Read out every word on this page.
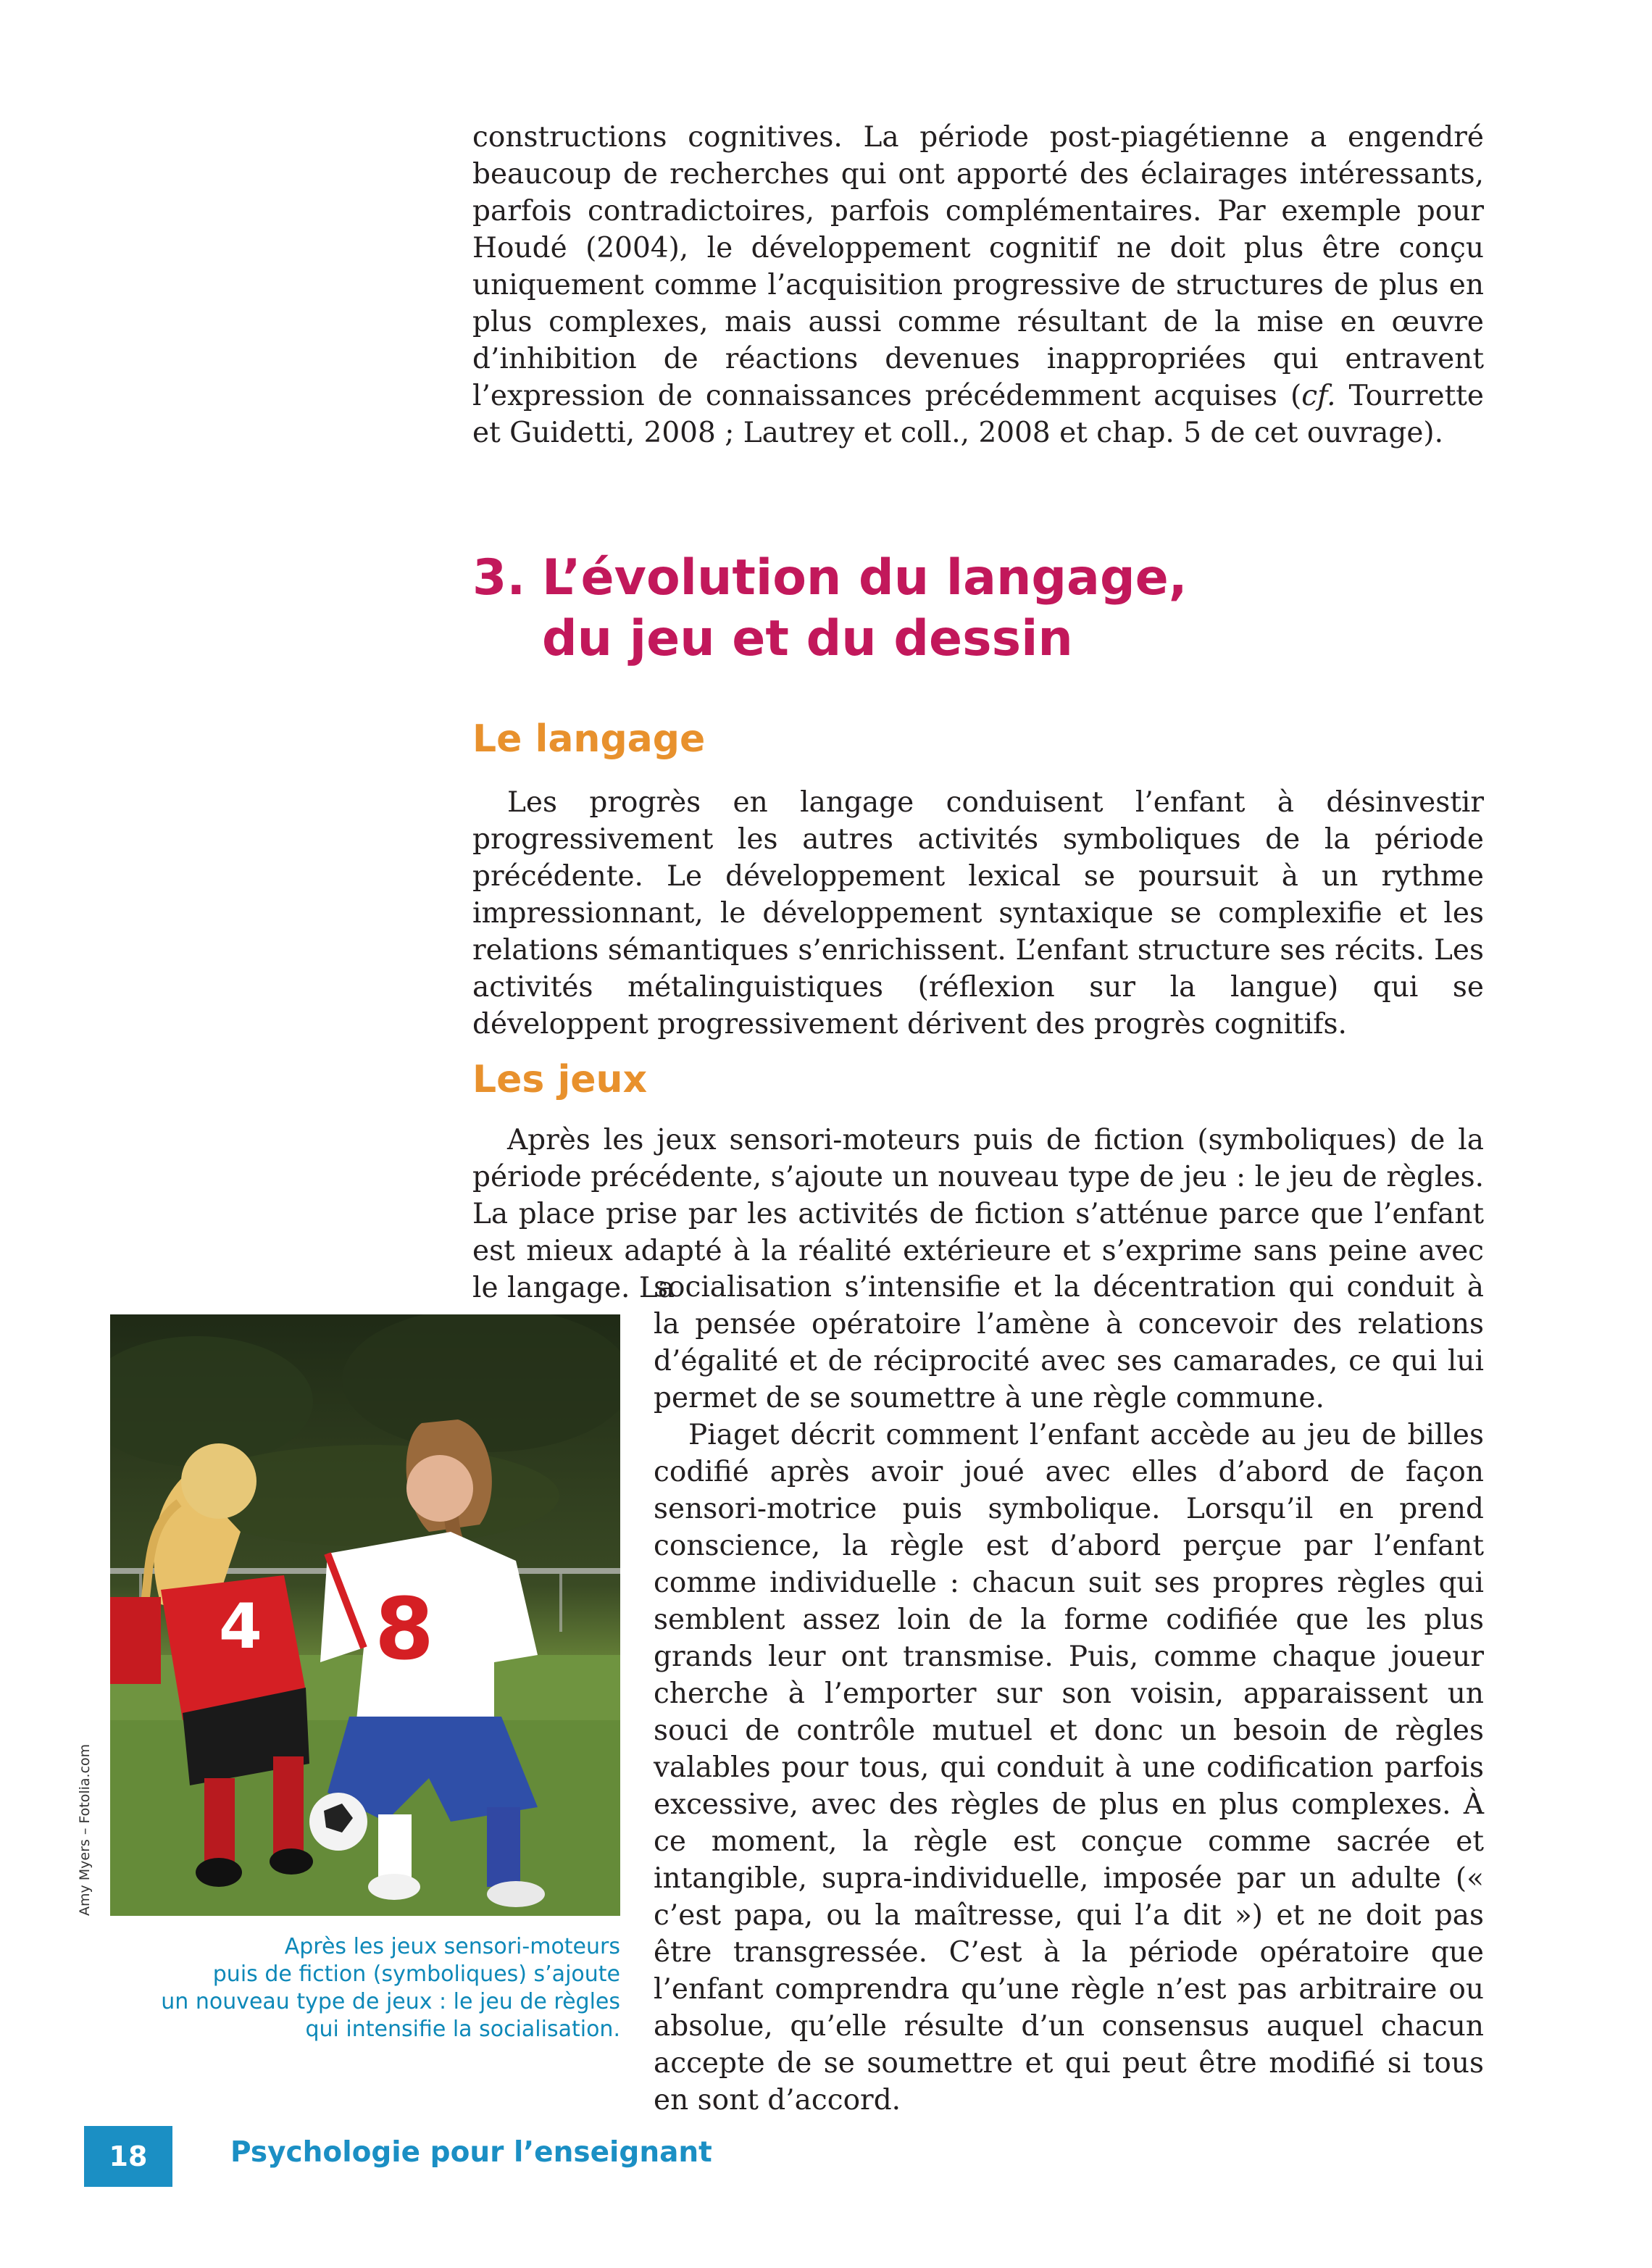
constructions cognitives. La période post-piagétienne a engendré beaucoup de recherches qui ont apporté des éclairages intéressants, parfois contradictoires, parfois complémentaires. Par exemple pour Houdé (2004), le développement cognitif ne doit plus être conçu uniquement comme l’acquisition progressive de structures de plus en plus complexes, mais aussi comme résultant de la mise en œuvre d’inhibition de réactions devenues inappropriées qui entravent l’expression de connaissances précédemment acquises (cf. Tourrette et Guidetti, 2008 ; Lautrey et coll., 2008 et chap. 5 de cet ouvrage).

3. L’évolution du langage,
du jeu et du dessin
Le langage

Les progrès en langage conduisent l’enfant à désinvestir progressivement les autres activités symboliques de la période précédente. Le développement lexical se poursuit à un rythme impressionnant, le développement syntaxique se complexifie et les relations sémantiques s’enrichissent. L’enfant structure ses récits. Les activités métalinguistiques (réflexion sur la langue) qui se développent progressivement dérivent des progrès cognitifs.

Les jeux

Après les jeux sensori-moteurs puis de fiction (symboliques) de la période précédente, s’ajoute un nouveau type de jeu : le jeu de règles. La place prise par les activités de fiction s’atténue parce que l’enfant est mieux adapté à la réalité extérieure et s’exprime sans peine avec le langage. La

socialisation s’intensifie et la décentration qui conduit à la pensée opératoire l’amène à concevoir des relations d’égalité et de réciprocité avec ses camarades, ce qui lui permet de se soumettre à une règle commune.

Piaget décrit comment l’enfant accède au jeu de billes codifié après avoir joué avec elles d’abord de façon sensori-motrice puis symbolique. Lorsqu’il en prend conscience, la règle est d’abord perçue par l’enfant comme individuelle : chacun suit ses propres règles qui semblent assez loin de la forme codifiée que les plus grands leur ont transmise. Puis, comme chaque joueur cherche à l’emporter sur son voisin, apparaissent un souci de contrôle mutuel et donc un besoin de règles valables pour tous, qui conduit à une codification parfois excessive, avec des règles de plus en plus complexes. À ce moment, la règle est conçue comme sacrée et intangible, supra-individuelle, imposée par un adulte (« c’est papa, ou la maîtresse, qui l’a dit ») et ne doit pas être transgressée. C’est à la période opératoire que l’enfant comprendra qu’une règle n’est pas arbitraire ou absolue, qu’elle résulte d’un consensus auquel chacun accepte de se soumettre et qui peut être modifié si tous en sont d’accord.

4 8
Amy Myers – Fotolia.com
Après les jeux sensori-moteurs
puis de fiction (symboliques) s’ajoute
un nouveau type de jeux : le jeu de règles
qui intensifie la socialisation.
18	Psychologie pour l’enseignant
